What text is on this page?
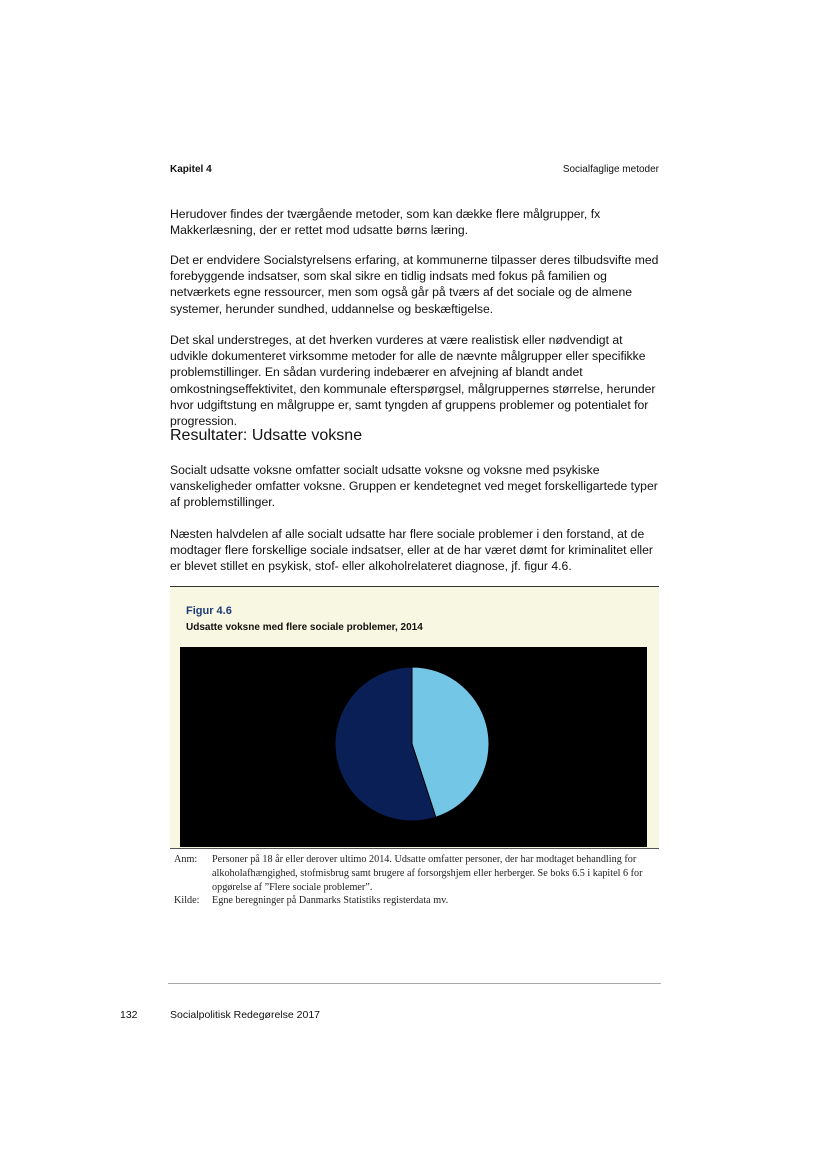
Kapitel 4	Socialfaglige metoder

Herudover findes der tværgående metoder, som kan dække flere målgrupper, fx Makkerlæsning, der er rettet mod udsatte børns læring.

Det er endvidere Socialstyrelsens erfaring, at kommunerne tilpasser deres tilbudsvifte med forebyggende indsatser, som skal sikre en tidlig indsats med fokus på familien og netværkets egne ressourcer, men som også går på tværs af det sociale og de almene systemer, herunder sundhed, uddannelse og beskæftigelse.

Det skal understreges, at det hverken vurderes at være realistisk eller nødvendigt at udvikle dokumenteret virksomme metoder for alle de nævnte målgrupper eller specifikke problemstillinger. En sådan vurdering indebærer en afvejning af blandt andet omkostningseffektivitet, den kommunale efterspørgsel, målgruppernes størrelse, herunder hvor udgiftstung en målgruppe er, samt tyngden af gruppens problemer og potentialet for progression.

Resultater: Udsatte voksne

Socialt udsatte voksne omfatter socialt udsatte voksne og voksne med psykiske vanskeligheder omfatter voksne. Gruppen er kendetegnet ved meget forskelligartede typer af problemstillinger.

Næsten halvdelen af alle socialt udsatte har flere sociale problemer i den forstand, at de modtager flere forskellige sociale indsatser, eller at de har været dømt for kriminalitet eller er blevet stillet en psykisk, stof- eller alkoholrelateret diagnose, jf. figur 4.6.

Figur 4.6
Udsatte voksne med flere sociale problemer, 2014
Anm:	Personer på 18 år eller derover ultimo 2014. Udsatte omfatter personer, der har modtaget behandling for alkoholafhængighed, stofmisbrug samt brugere af forsorgshjem eller herberger. Se boks 6.5 i kapitel 6 for opgørelse af ”Flere sociale problemer”.
Kilde:	Egne beregninger på Danmarks Statistiks registerdata mv.
132	Socialpolitisk Redegørelse 2017
